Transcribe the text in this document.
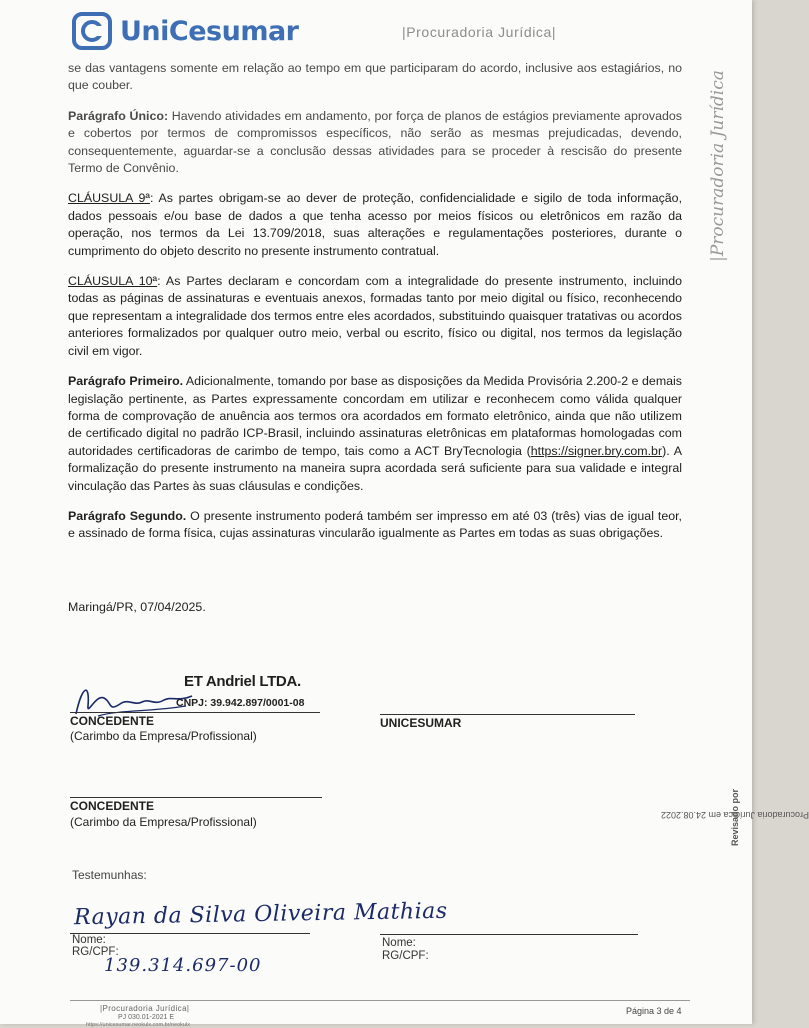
UniCesumar	|Procuradoria Jurídica|
|Procuradoria Jurídica

se das vantagens somente em relação ao tempo em que participaram do acordo, inclusive aos estagiários, no que couber.

Parágrafo Único: Havendo atividades em andamento, por força de planos de estágios previamente aprovados e cobertos por termos de compromissos específicos, não serão as mesmas prejudicadas, devendo, consequentemente, aguardar-se a conclusão dessas atividades para se proceder à rescisão do presente Termo de Convênio.

CLÁUSULA 9ª: As partes obrigam-se ao dever de proteção, confidencialidade e sigilo de toda informação, dados pessoais e/ou base de dados a que tenha acesso por meios físicos ou eletrônicos em razão da operação, nos termos da Lei 13.709/2018, suas alterações e regulamentações posteriores, durante o cumprimento do objeto descrito no presente instrumento contratual.

CLÁUSULA 10ª: As Partes declaram e concordam com a integralidade do presente instrumento, incluindo todas as páginas de assinaturas e eventuais anexos, formadas tanto por meio digital ou físico, reconhecendo que representam a integralidade dos termos entre eles acordados, substituindo quaisquer tratativas ou acordos anteriores formalizados por qualquer outro meio, verbal ou escrito, físico ou digital, nos termos da legislação civil em vigor.

Parágrafo Primeiro. Adicionalmente, tomando por base as disposições da Medida Provisória 2.200-2 e demais legislação pertinente, as Partes expressamente concordam em utilizar e reconhecem como válida qualquer forma de comprovação de anuência aos termos ora acordados em formato eletrônico, ainda que não utilizem de certificado digital no padrão ICP-Brasil, incluindo assinaturas eletrônicas em plataformas homologadas com autoridades certificadoras de carimbo de tempo, tais como a ACT BryTecnologia (https://signer.bry.com.br). A formalização do presente instrumento na maneira supra acordada será suficiente para sua validade e integral vinculação das Partes às suas cláusulas e condições.

Parágrafo Segundo. O presente instrumento poderá também ser impresso em até 03 (três) vias de igual teor, e assinado de forma física, cujas assinaturas vincularão igualmente as Partes em todas as suas obrigações.

Maringá/PR, 07/04/2025.
ET Andriel LTDA.
CNPJ: 39.942.897/0001-08
CONCEDENTE
(Carimbo da Empresa/Profissional)
UNICESUMAR
CONCEDENTE
(Carimbo da Empresa/Profissional)
Testemunhas:
Rayan da Silva Oliveira Mathias
Nome:
RG/CPF:
139.314.697-00
Nome:
RG/CPF:
Revisado por
Procuradoria Jurídica em 24.08.2022
|Procuradoria Jurídica|
PJ 030.01-2021 E
https://unicesumar.neokulx.com.br/neokulx
Página 3 de 4
